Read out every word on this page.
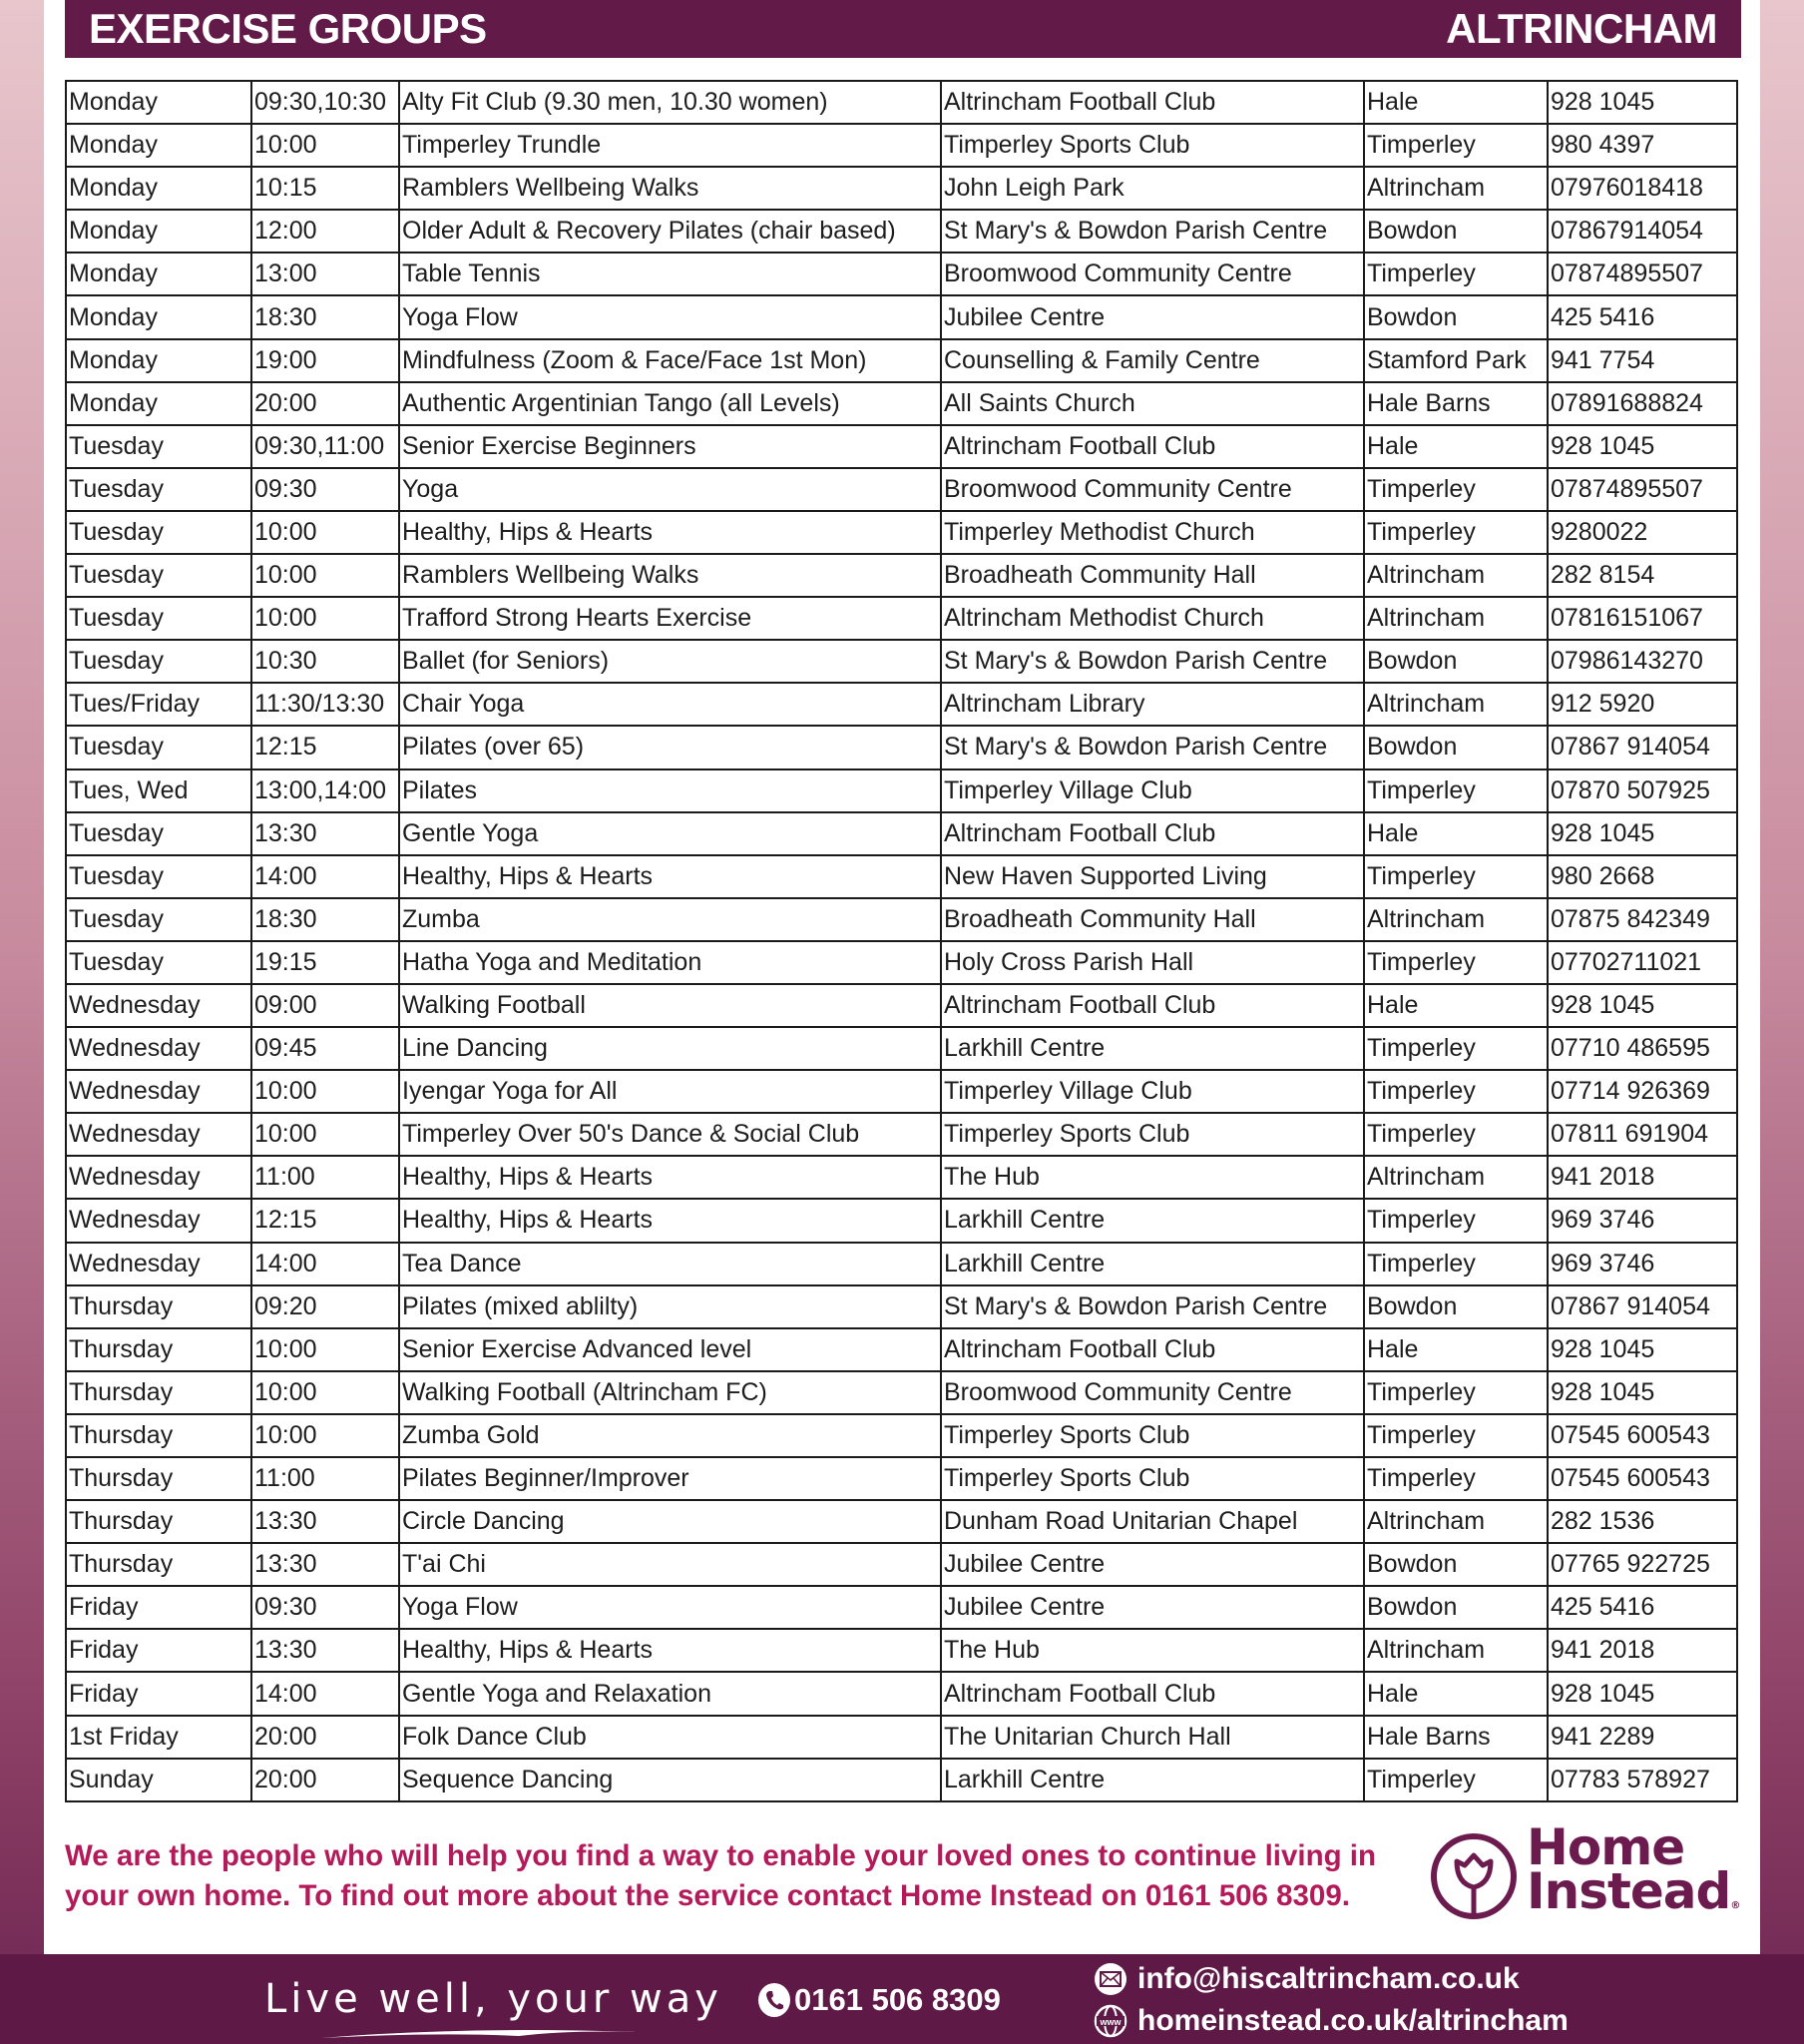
EXERCISE GROUPS	ALTRINCHAM
Monday	09:30,10:30	Alty Fit Club (9.30 men, 10.30 women)	Altrincham Football Club	Hale	928 1045
Monday	10:00	Timperley Trundle	Timperley Sports Club	Timperley	980 4397
Monday	10:15	Ramblers Wellbeing Walks	John Leigh Park	Altrincham	07976018418
Monday	12:00	Older Adult & Recovery Pilates (chair based)	St Mary's & Bowdon Parish Centre	Bowdon	07867914054
Monday	13:00	Table Tennis	Broomwood Community Centre	Timperley	07874895507
Monday	18:30	Yoga Flow	Jubilee Centre	Bowdon	425 5416
Monday	19:00	Mindfulness (Zoom & Face/Face 1st Mon)	Counselling & Family Centre	Stamford Park	941 7754
Monday	20:00	Authentic Argentinian Tango (all Levels)	All Saints Church	Hale Barns	07891688824
Tuesday	09:30,11:00	Senior Exercise Beginners	Altrincham Football Club	Hale	928 1045
Tuesday	09:30	Yoga	Broomwood Community Centre	Timperley	07874895507
Tuesday	10:00	Healthy, Hips & Hearts	Timperley Methodist Church	Timperley	9280022
Tuesday	10:00	Ramblers Wellbeing Walks	Broadheath Community Hall	Altrincham	282 8154
Tuesday	10:00	Trafford Strong Hearts Exercise	Altrincham Methodist Church	Altrincham	07816151067
Tuesday	10:30	Ballet (for Seniors)	St Mary's & Bowdon Parish Centre	Bowdon	07986143270
Tues/Friday	11:30/13:30	Chair Yoga	Altrincham Library	Altrincham	912 5920
Tuesday	12:15	Pilates (over 65)	St Mary's & Bowdon Parish Centre	Bowdon	07867 914054
Tues, Wed	13:00,14:00	Pilates	Timperley Village Club	Timperley	07870 507925
Tuesday	13:30	Gentle Yoga	Altrincham Football Club	Hale	928 1045
Tuesday	14:00	Healthy, Hips & Hearts	New Haven Supported Living	Timperley	980 2668
Tuesday	18:30	Zumba	Broadheath Community Hall	Altrincham	07875 842349
Tuesday	19:15	Hatha Yoga and Meditation	Holy Cross Parish Hall	Timperley	07702711021
Wednesday	09:00	Walking Football	Altrincham Football Club	Hale	928 1045
Wednesday	09:45	Line Dancing	Larkhill Centre	Timperley	07710 486595
Wednesday	10:00	Iyengar Yoga for All	Timperley Village Club	Timperley	07714 926369
Wednesday	10:00	Timperley Over 50's Dance & Social Club	Timperley Sports Club	Timperley	07811 691904
Wednesday	11:00	Healthy, Hips & Hearts	The Hub	Altrincham	941 2018
Wednesday	12:15	Healthy, Hips & Hearts	Larkhill Centre	Timperley	969 3746
Wednesday	14:00	Tea Dance	Larkhill Centre	Timperley	969 3746
Thursday	09:20	Pilates (mixed ablilty)	St Mary's & Bowdon Parish Centre	Bowdon	07867 914054
Thursday	10:00	Senior Exercise Advanced level	Altrincham Football Club	Hale	928 1045
Thursday	10:00	Walking Football (Altrincham FC)	Broomwood Community Centre	Timperley	928 1045
Thursday	10:00	Zumba Gold	Timperley Sports Club	Timperley	07545 600543
Thursday	11:00	Pilates Beginner/Improver	Timperley Sports Club	Timperley	07545 600543
Thursday	13:30	Circle Dancing	Dunham Road Unitarian Chapel	Altrincham	282 1536
Thursday	13:30	T'ai Chi	Jubilee Centre	Bowdon	07765 922725
Friday	09:30	Yoga Flow	Jubilee Centre	Bowdon	425 5416
Friday	13:30	Healthy, Hips & Hearts	The Hub	Altrincham	941 2018
Friday	14:00	Gentle Yoga and Relaxation	Altrincham Football Club	Hale	928 1045
1st Friday	20:00	Folk Dance Club	The Unitarian Church Hall	Hale Barns	941 2289
Sunday	20:00	Sequence Dancing	Larkhill Centre	Timperley	07783 578927
We are the people who will help you find a way to enable your loved ones to continue living in your own home. To find out more about the service contact Home Instead on 0161 506 8309.
Home
Instead®
Live well, your way 0161 506 8309
info@hiscaltrincham.co.uk
www homeinstead.co.uk/altrincham
